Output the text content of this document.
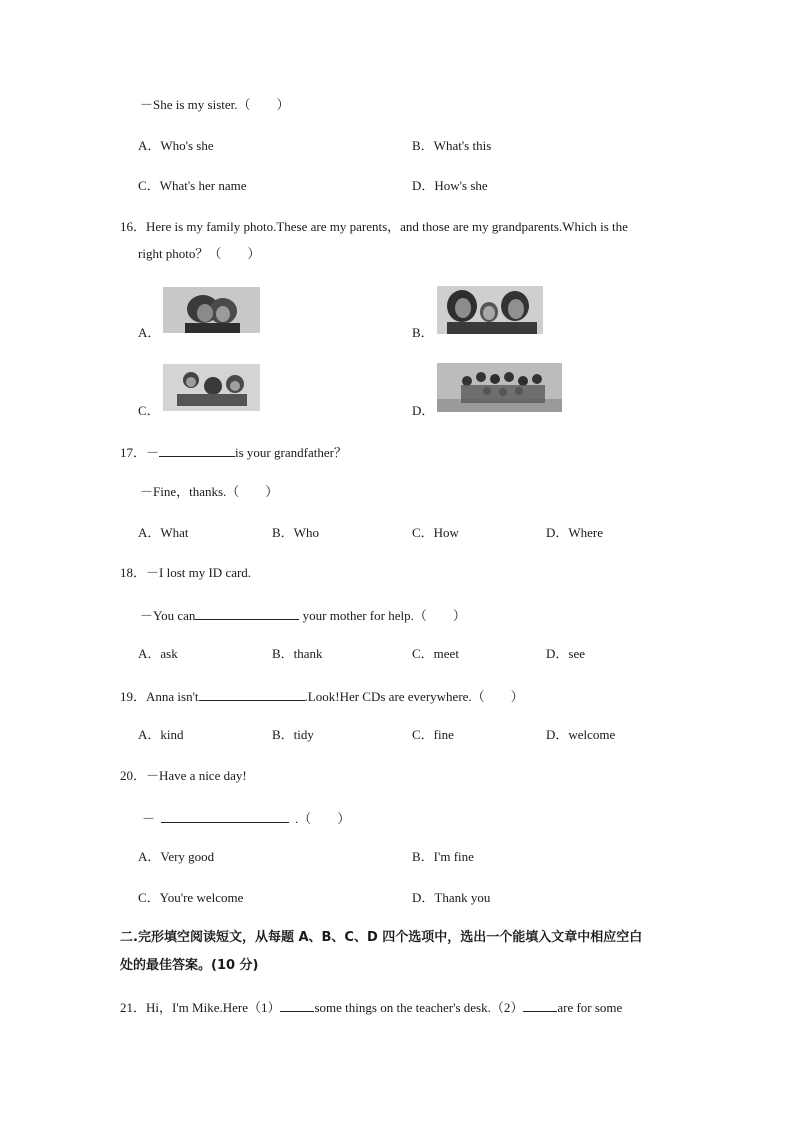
－She is my sister.（　　）
A．Who's she	B．What's this
C．What's her name	D．How's she
16．Here is my family photo.These are my parents，and those are my grandparents.Which is the
right photo？（　　）
A．	B．
C．	D．
17．－	is your grandfather？
－Fine，thanks.（　　）
A．What	B．Who	C．How	D．Where
18．－I lost my ID card.
－You can	your mother for help.（　　）
A．ask	B．thank	C．meet	D．see
19．Anna isn't	.Look!Her CDs are everywhere.（　　）
A．kind	B．tidy	C．fine	D．welcome
20．－Have a nice day!
－	.（　　）
A．Very good	B．I'm fine
C．You're welcome	D．Thank you
二.完形填空阅读短文，从每题 A、B、C、D 四个选项中，选出一个能填入文章中相应空白
处的最佳答案。(10 分)
21．Hi，I'm Mike.Here（1）	some things on the teacher's desk.（2）	are for some
